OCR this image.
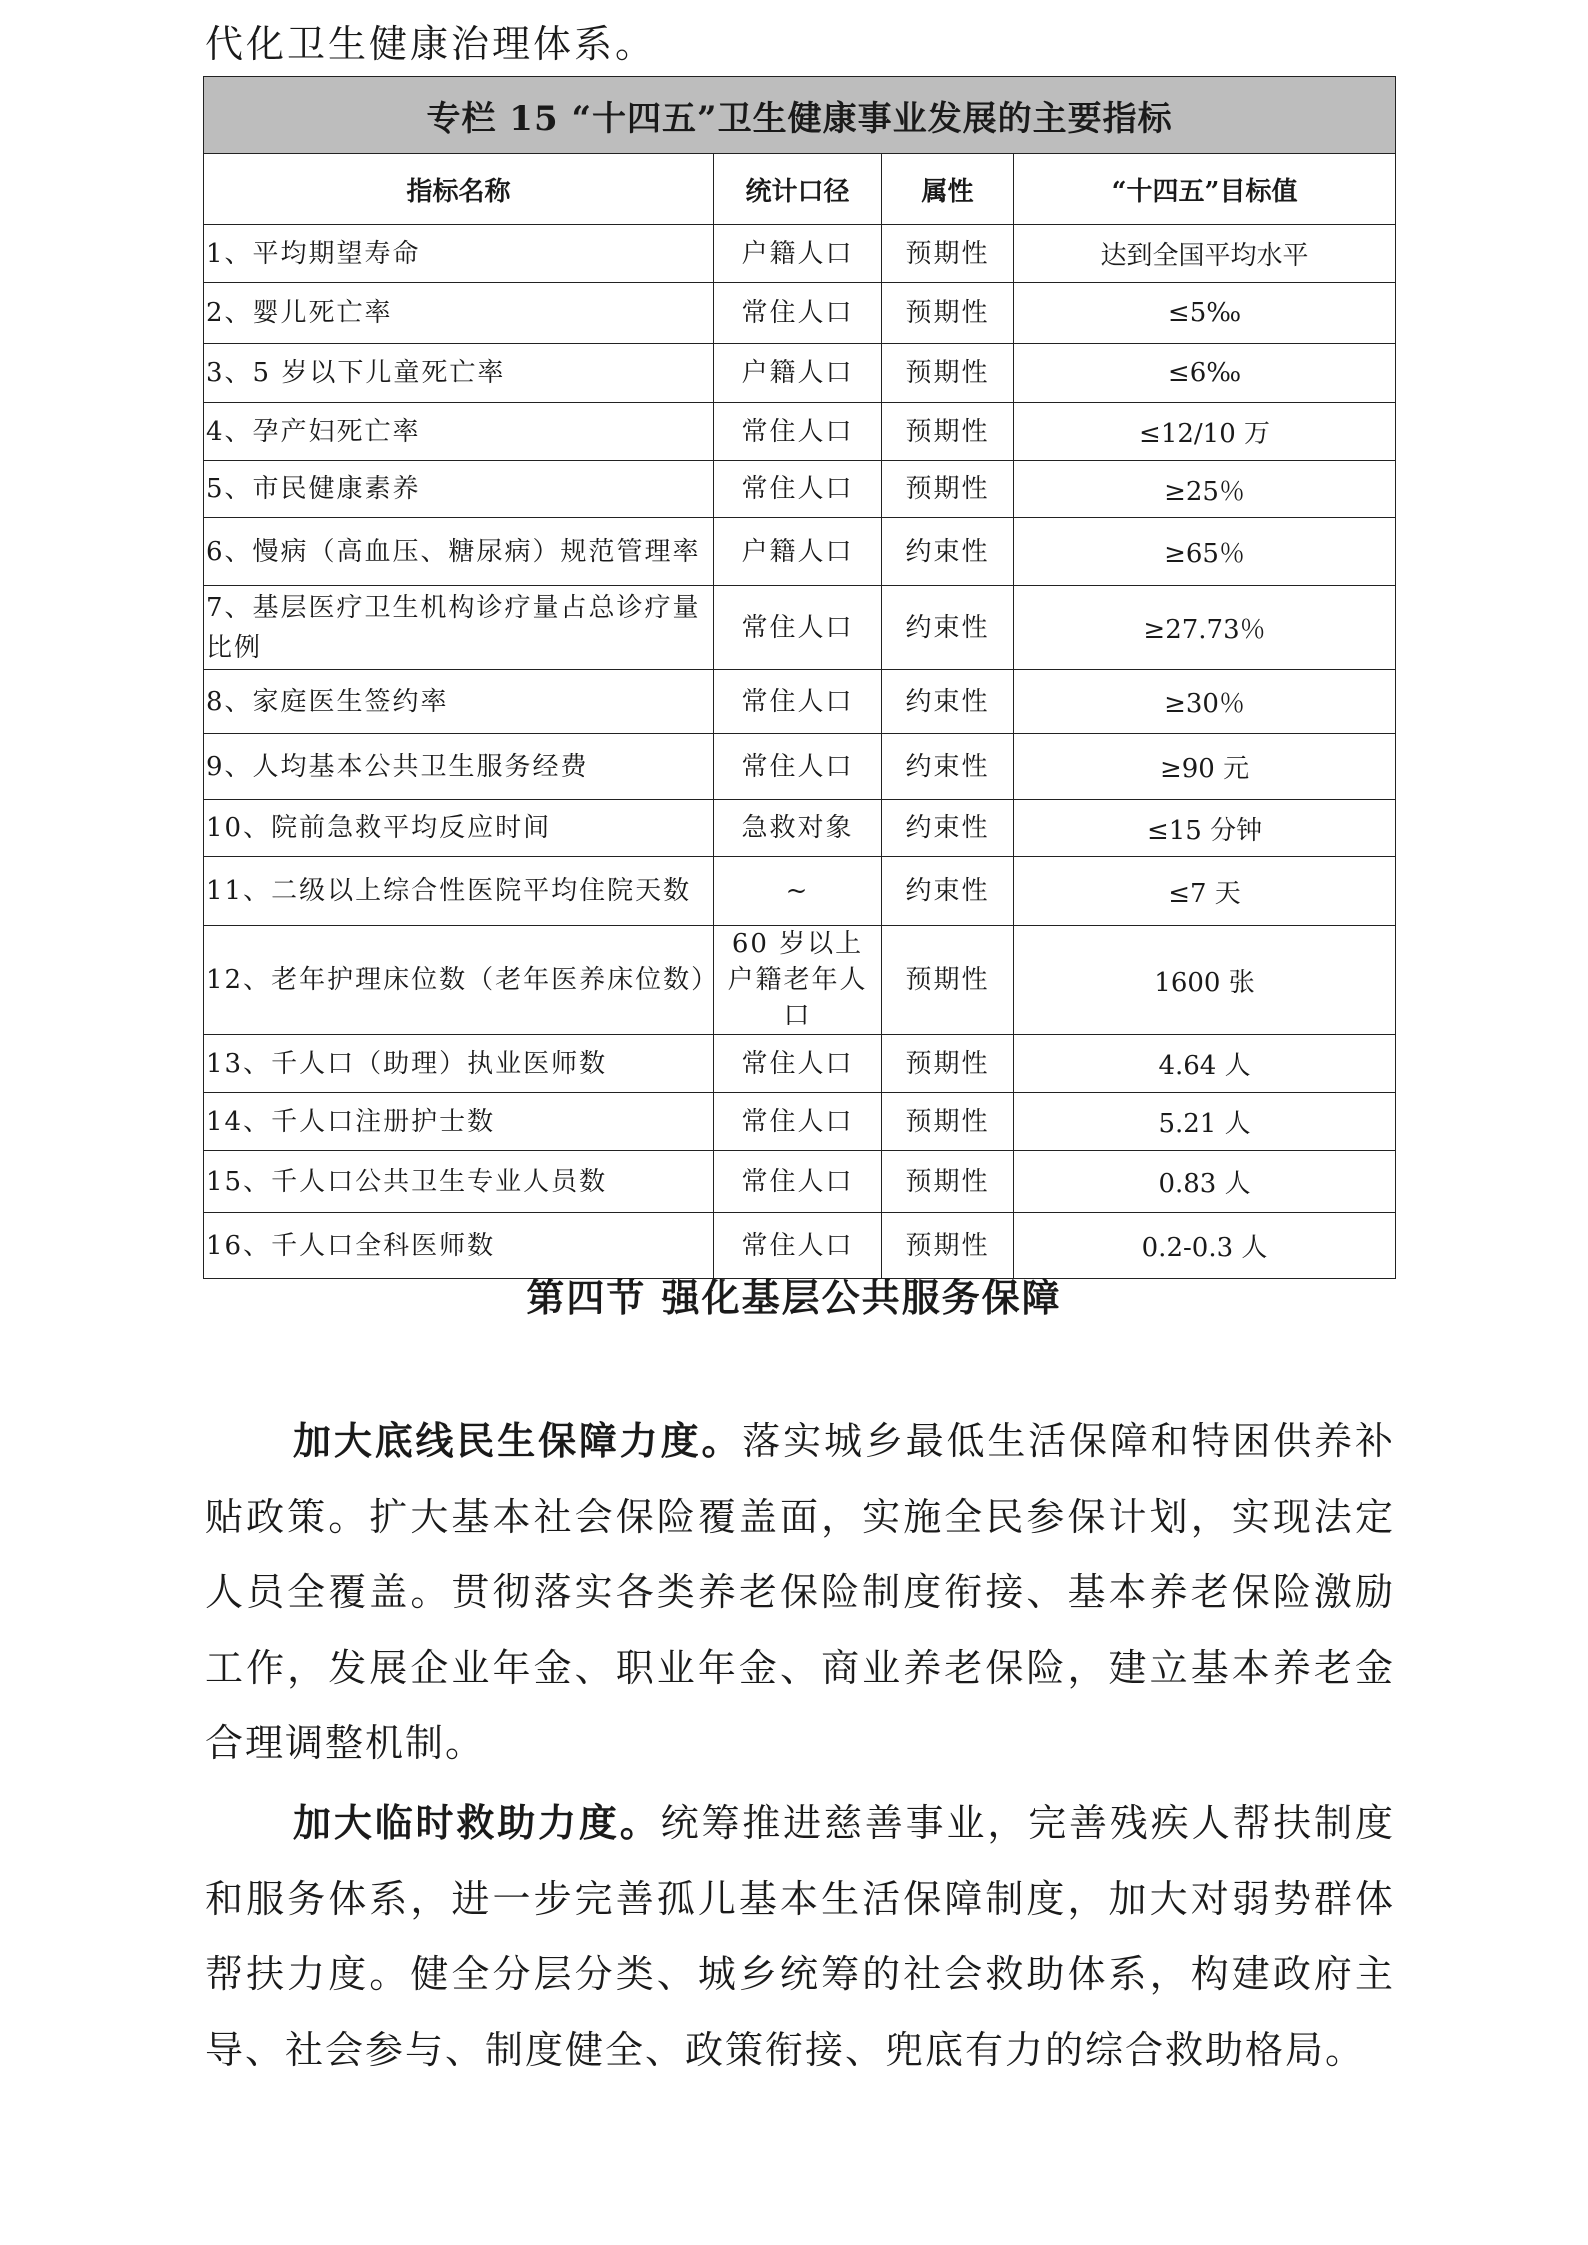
代化卫生健康治理体系。
专栏 15 “十四五”卫生健康事业发展的主要指标			
指标名称	统计口径	属性	“十四五”目标值
1、平均期望寿命	户籍人口	预期性	达到全国平均水平
2、婴儿死亡率	常住人口	预期性	≤5‰
3、5 岁以下儿童死亡率	户籍人口	预期性	≤6‰
4、孕产妇死亡率	常住人口	预期性	≤12/10 万
5、市民健康素养	常住人口	预期性	≥25％
6、慢病（高血压、糖尿病）规范管理率	户籍人口	约束性	≥65％
7、基层医疗卫生机构诊疗量占总诊疗量比例	常住人口	约束性	≥27.73％
8、家庭医生签约率	常住人口	约束性	≥30％
9、人均基本公共卫生服务经费	常住人口	约束性	≥90 元
10、院前急救平均反应时间	急救对象	约束性	≤15 分钟
11、二级以上综合性医院平均住院天数	~	约束性	≤7 天
12、老年护理床位数（老年医养床位数）	60 岁以上户籍老年人口	预期性	1600 张
13、千人口（助理）执业医师数	常住人口	预期性	4.64 人
14、千人口注册护士数	常住人口	预期性	5.21 人
15、千人口公共卫生专业人员数	常住人口	预期性	0.83 人
16、千人口全科医师数	常住人口	预期性	0.2-0.3 人
第四节 强化基层公共服务保障
加大底线民生保障力度。落实城乡最低生活保障和特困供养补贴政策。扩大基本社会保险覆盖面，实施全民参保计划，实现法定人员全覆盖。贯彻落实各类养老保险制度衔接、基本养老保险激励工作，发展企业年金、职业年金、商业养老保险，建立基本养老金合理调整机制。
加大临时救助力度。统筹推进慈善事业，完善残疾人帮扶制度和服务体系，进一步完善孤儿基本生活保障制度，加大对弱势群体帮扶力度。健全分层分类、城乡统筹的社会救助体系，构建政府主导、社会参与、制度健全、政策衔接、兜底有力的综合救助格局。
